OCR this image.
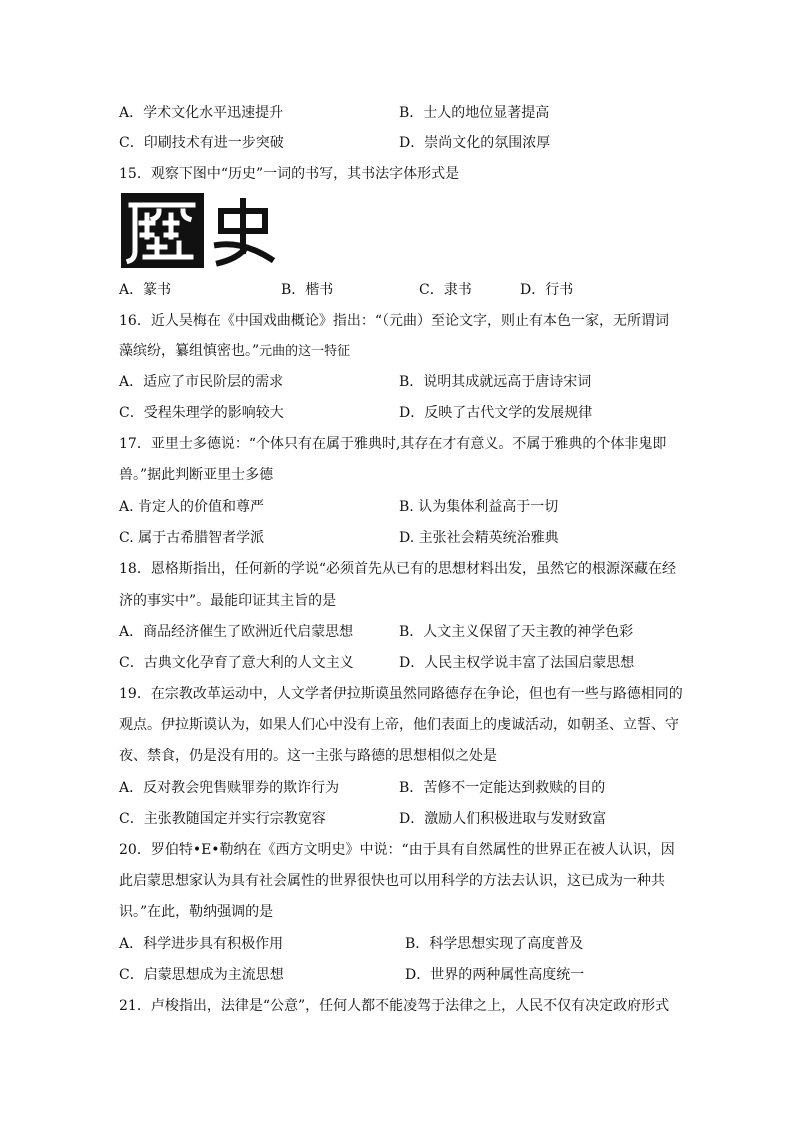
A．学术文化水平迅速提升	B．士人的地位显著提高
C．印刷技术有进一步突破	D．崇尚文化的氛围浓厚
15．观察下图中“历史”一词的书写，其书法字体形式是
A．篆书	B．楷书	C．隶书	D．行书
16．近人吴梅在《中国戏曲概论》指出：“（元曲）至论文字，则止有本色一家，无所谓词
藻缤纷，纂组慎密也。”元曲的这一特征
A．适应了市民阶层的需求	B．说明其成就远高于唐诗宋词
C．受程朱理学的影响较大	D．反映了古代文学的发展规律
17．亚里士多德说：“个体只有在属于雅典时,其存在才有意义。不属于雅典的个体非鬼即
兽。”据此判断亚里士多德
A. 肯定人的价值和尊严	B. 认为集体利益高于一切
C. 属于古希腊智者学派	D. 主张社会精英统治雅典
18．恩格斯指出，任何新的学说“必须首先从已有的思想材料出发，虽然它的根源深藏在经
济的事实中”。最能印证其主旨的是
A．商品经济催生了欧洲近代启蒙思想	B．人文主义保留了天主教的神学色彩
C．古典文化孕育了意大利的人文主义	D．人民主权学说丰富了法国启蒙思想
19．在宗教改革运动中，人文学者伊拉斯谟虽然同路德存在争论，但也有一些与路德相同的
观点。伊拉斯谟认为，如果人们心中没有上帝，他们表面上的虔诚活动，如朝圣、立誓、守
夜、禁食，仍是没有用的。这一主张与路德的思想相似之处是
A．反对教会兜售赎罪券的欺诈行为	B．苦修不一定能达到救赎的目的
C．主张教随国定并实行宗教宽容	D．激励人们积极进取与发财致富
20．罗伯特•E•勒纳在《西方文明史》中说：“由于具有自然属性的世界正在被人认识，因
此启蒙思想家认为具有社会属性的世界很快也可以用科学的方法去认识，这已成为一种共
识。”在此，勒纳强调的是
A．科学进步具有积极作用	B．科学思想实现了高度普及
C．启蒙思想成为主流思想	D．世界的两种属性高度统一
21．卢梭指出，法律是“公意”，任何人都不能凌驾于法律之上，人民不仅有决定政府形式
